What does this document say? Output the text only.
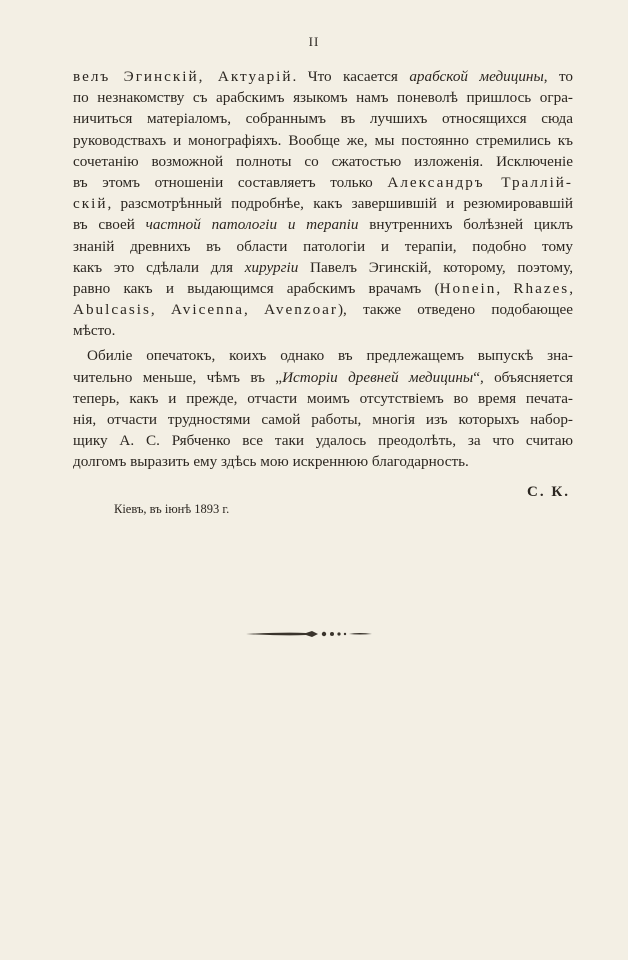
II
велъ Эгинскій, Актуарій. Что касается арабской медицины, то
по незнакомству съ арабскимъ языкомъ намъ поневолѣ пришлось огра-
ничиться матеріаломъ, собраннымъ въ лучшихъ относящихся сюда
руководствахъ и монографіяхъ. Вообще же, мы постоянно стремились къ
сочетанію возможной полноты со сжатостью изложенія. Исключеніе
въ этомъ отношеніи составляетъ только Александръ Траллій-
скій, разсмотрѣнный подробнѣе, какъ завершившій и резюмировавшій
въ своей частной патологіи и терапіи внутреннихъ болѣзней циклъ
знаній древнихъ въ области патологіи и терапіи, подобно тому
какъ это сдѣлали для хирургіи Павелъ Эгинскій, которому, поэтому,
равно какъ и выдающимся арабскимъ врачамъ (Honein, Rhazes,
Abulcasis, Avicenna, Avenzoar), также отведено подобающее
мѣсто.
Обиліе опечатокъ, коихъ однако въ предлежащемъ выпускѣ зна-
чительно меньше, чѣмъ въ „Исторіи древней медицины“, объясняется
теперь, какъ и прежде, отчасти моимъ отсутствіемъ во время печата-
нія, отчасти трудностями самой работы, многія изъ которыхъ набор-
щику А. С. Рябченко все таки удалось преодолѣть, за что считаю
долгомъ выразить ему здѣсь мою искреннюю благодарность.
С. К.
Кіевъ, въ іюнѣ 1893 г.
